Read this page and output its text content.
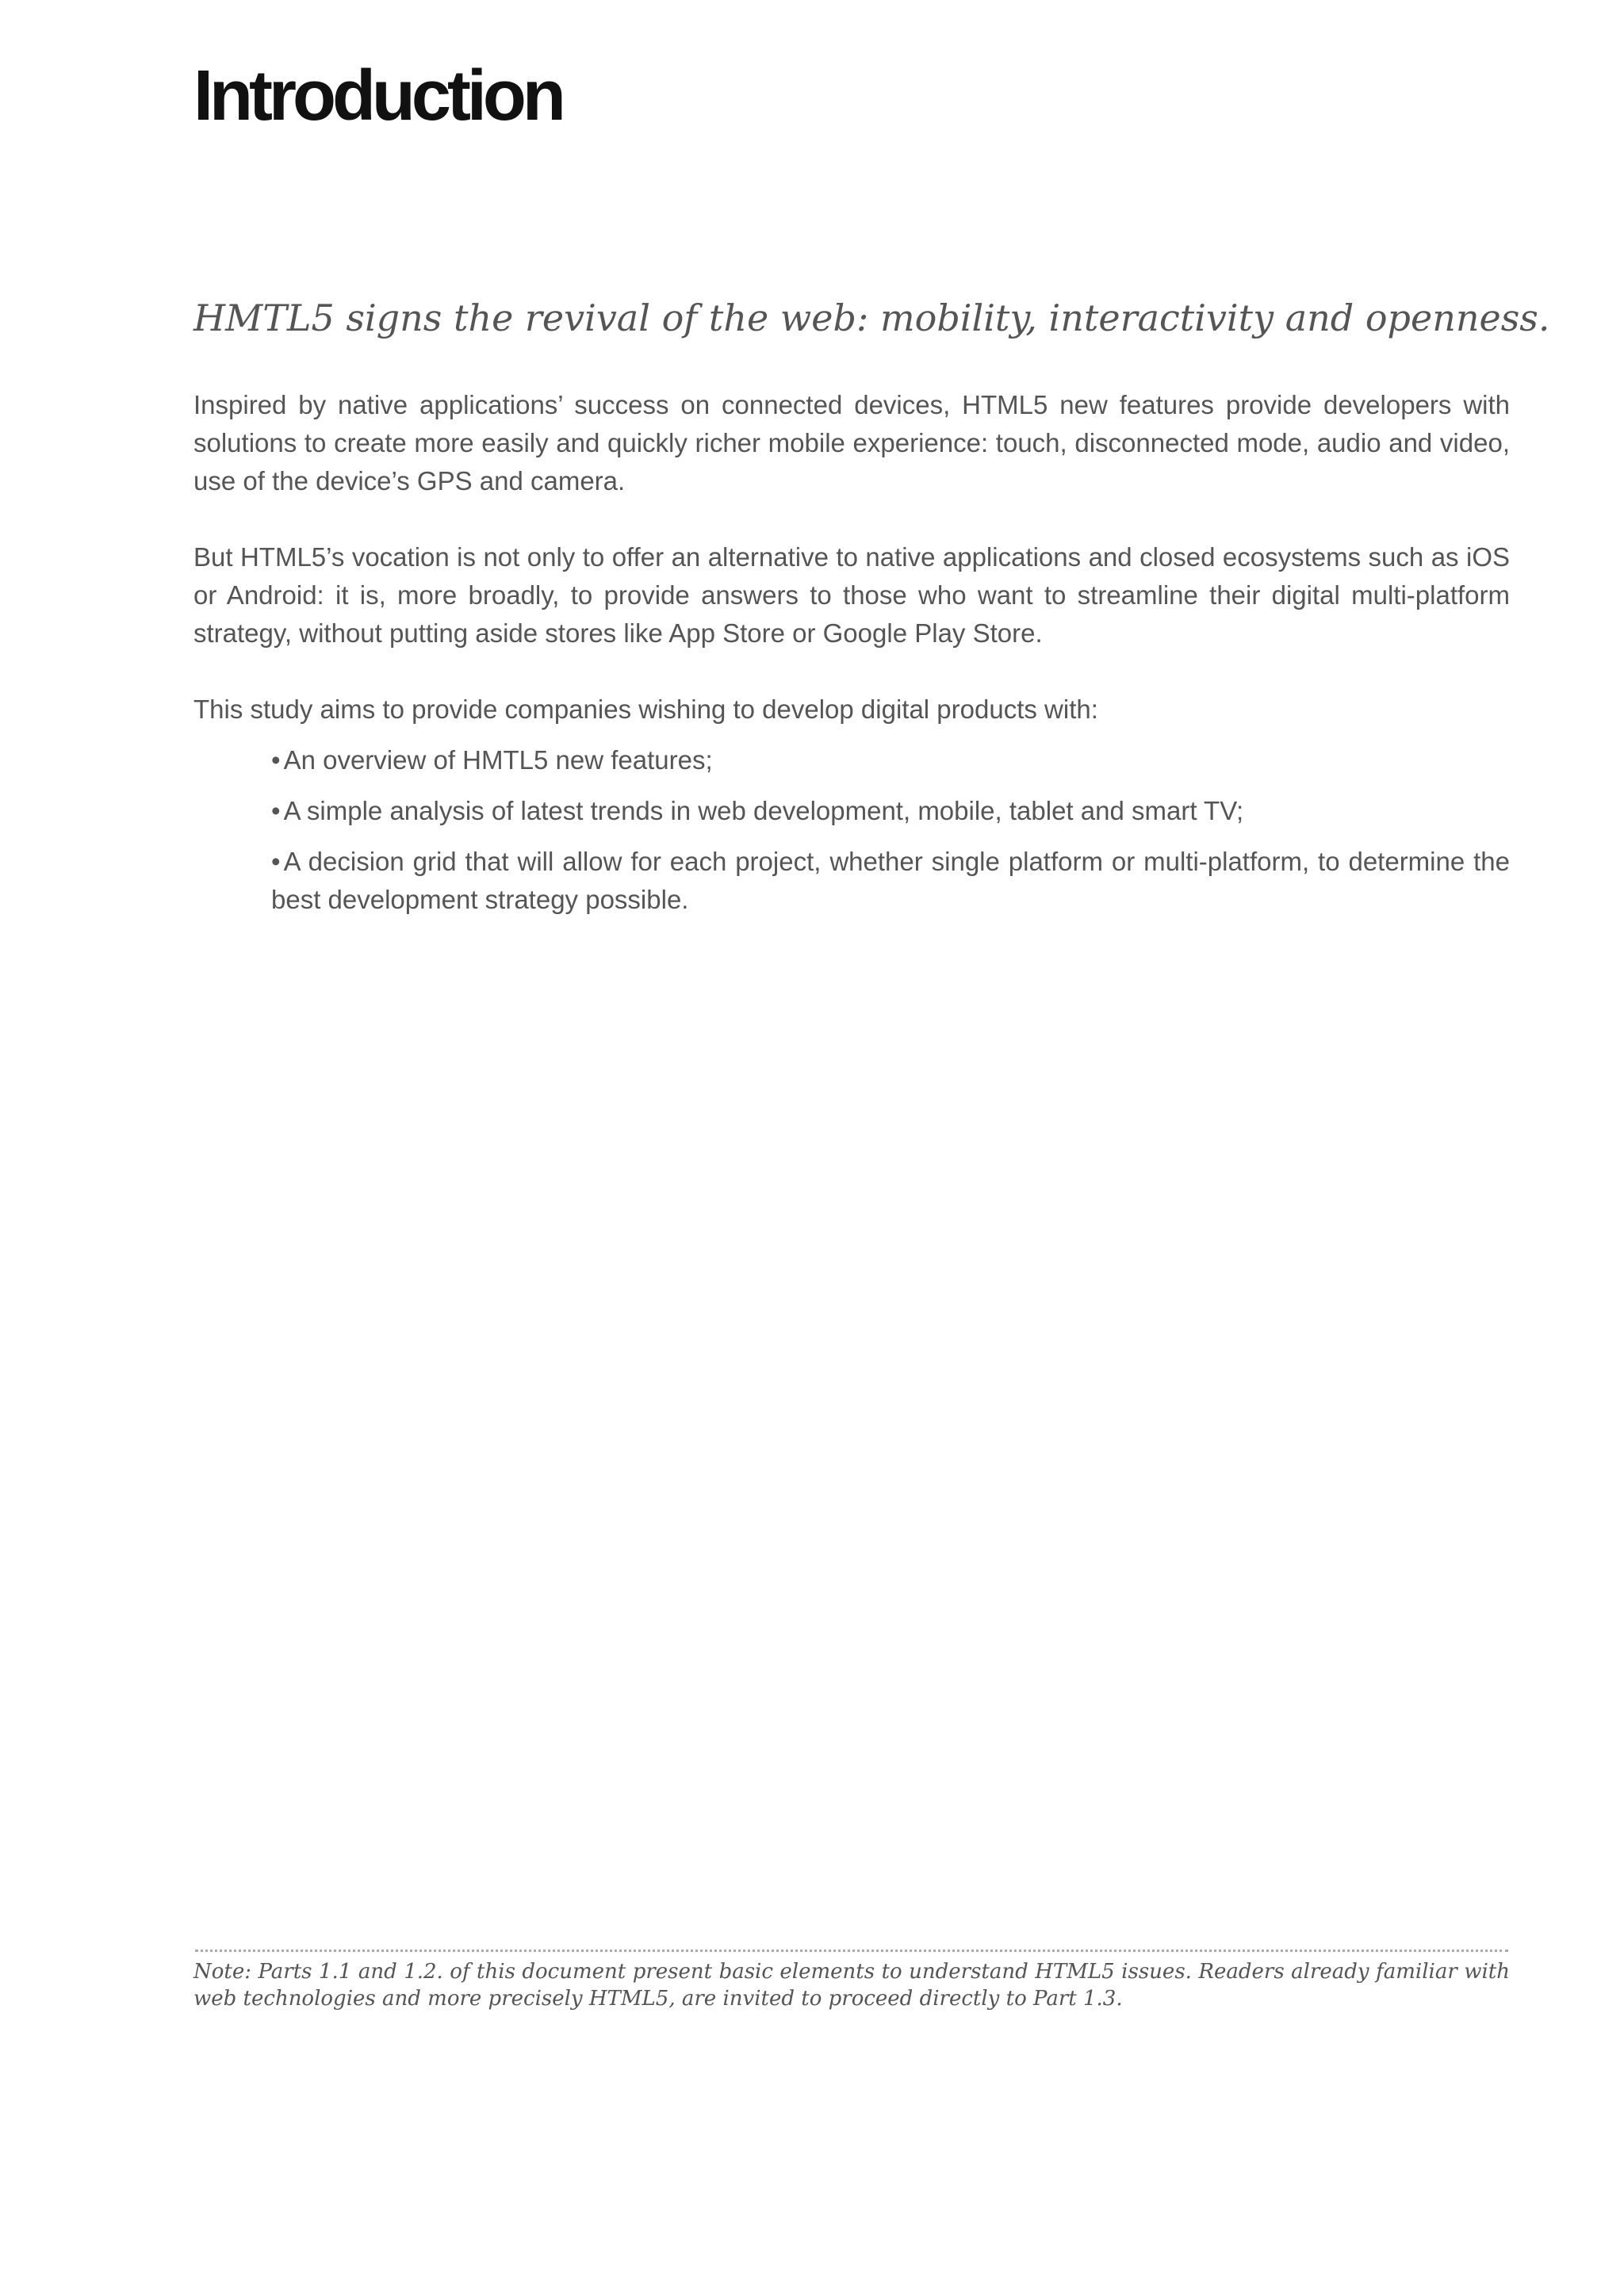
Introduction

HMTL5 signs the revival of the web: mobility, interactivity and openness.

Inspired by native applications’ success on connected devices, HTML5 new features provide developers with solutions to create more easily and quickly richer mobile experience: touch, disconnected mode, audio and video, use of the device’s GPS and camera.

But HTML5’s vocation is not only to offer an alternative to native applications and closed ecosystems such as iOS or Android: it is, more broadly, to provide answers to those who want to streamline their digital multi-platform strategy, without putting aside stores like App Store or Google Play Store.

This study aims to provide companies wishing to develop digital products with:

• An overview of HMTL5 new features;
• A simple analysis of latest trends in web development, mobile, tablet and smart TV;
• A decision grid that will allow for each project, whether single platform or multi-platform, to determine the best development strategy possible.

Note: Parts 1.1 and 1.2. of this document present basic elements to understand HTML5 issues. Readers already familiar with web technologies and more precisely HTML5, are invited to proceed directly to Part 1.3.
